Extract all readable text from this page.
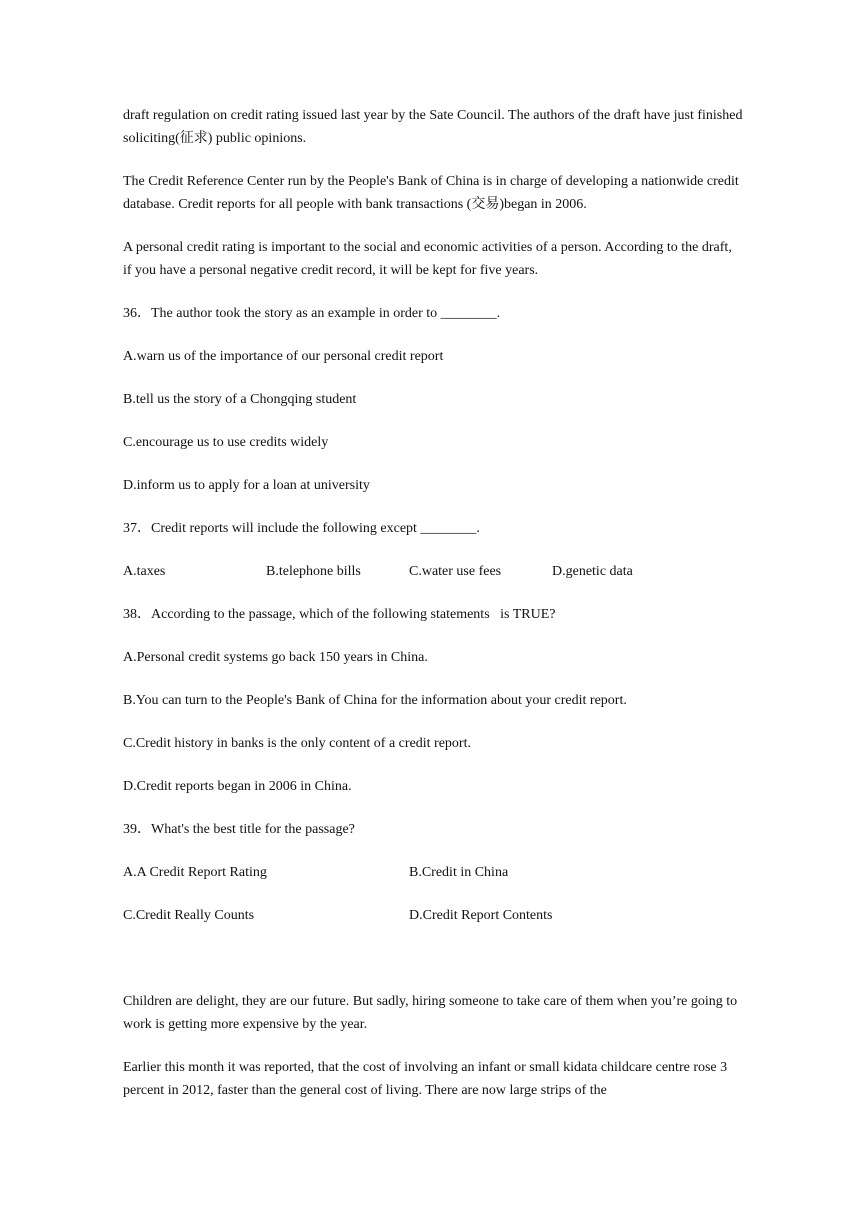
draft regulation on credit rating issued last year by the Sate Council. The authors of the draft have just finished soliciting(征求) public opinions.

The Credit Reference Center run by the People's Bank of China is in charge of developing a nationwide credit database. Credit reports for all people with bank transactions (交易)began in 2006.

A personal credit rating is important to the social and economic activities of a person. According to the draft, if you have a personal negative credit record, it will be kept for five years.

36．The author took the story as an example in order to ________.

A.warn us of the importance of our personal credit report

B.tell us the story of a Chongqing student

C.encourage us to use credits widely

D.inform us to apply for a loan at university

37．Credit reports will include the following except ________.

A.taxes	B.telephone bills	C.water use fees	D.genetic data

38．According to the passage, which of the following statements   is TRUE?

A.Personal credit systems go back 150 years in China.

B.You can turn to the People's Bank of China for the information about your credit report.

C.Credit history in banks is the only content of a credit report.

D.Credit reports began in 2006 in China.

39．What's the best title for the passage?

A.A Credit Report Rating	B.Credit in China
C.Credit Really Counts	D.Credit Report Contents

Children are delight, they are our future. But sadly, hiring someone to take care of them when you’re going to work is getting more expensive by the year.

Earlier this month it was reported, that the cost of involving an infant or small kidata childcare centre rose 3 percent in 2012, faster than the general cost of living. There are now large strips of the
